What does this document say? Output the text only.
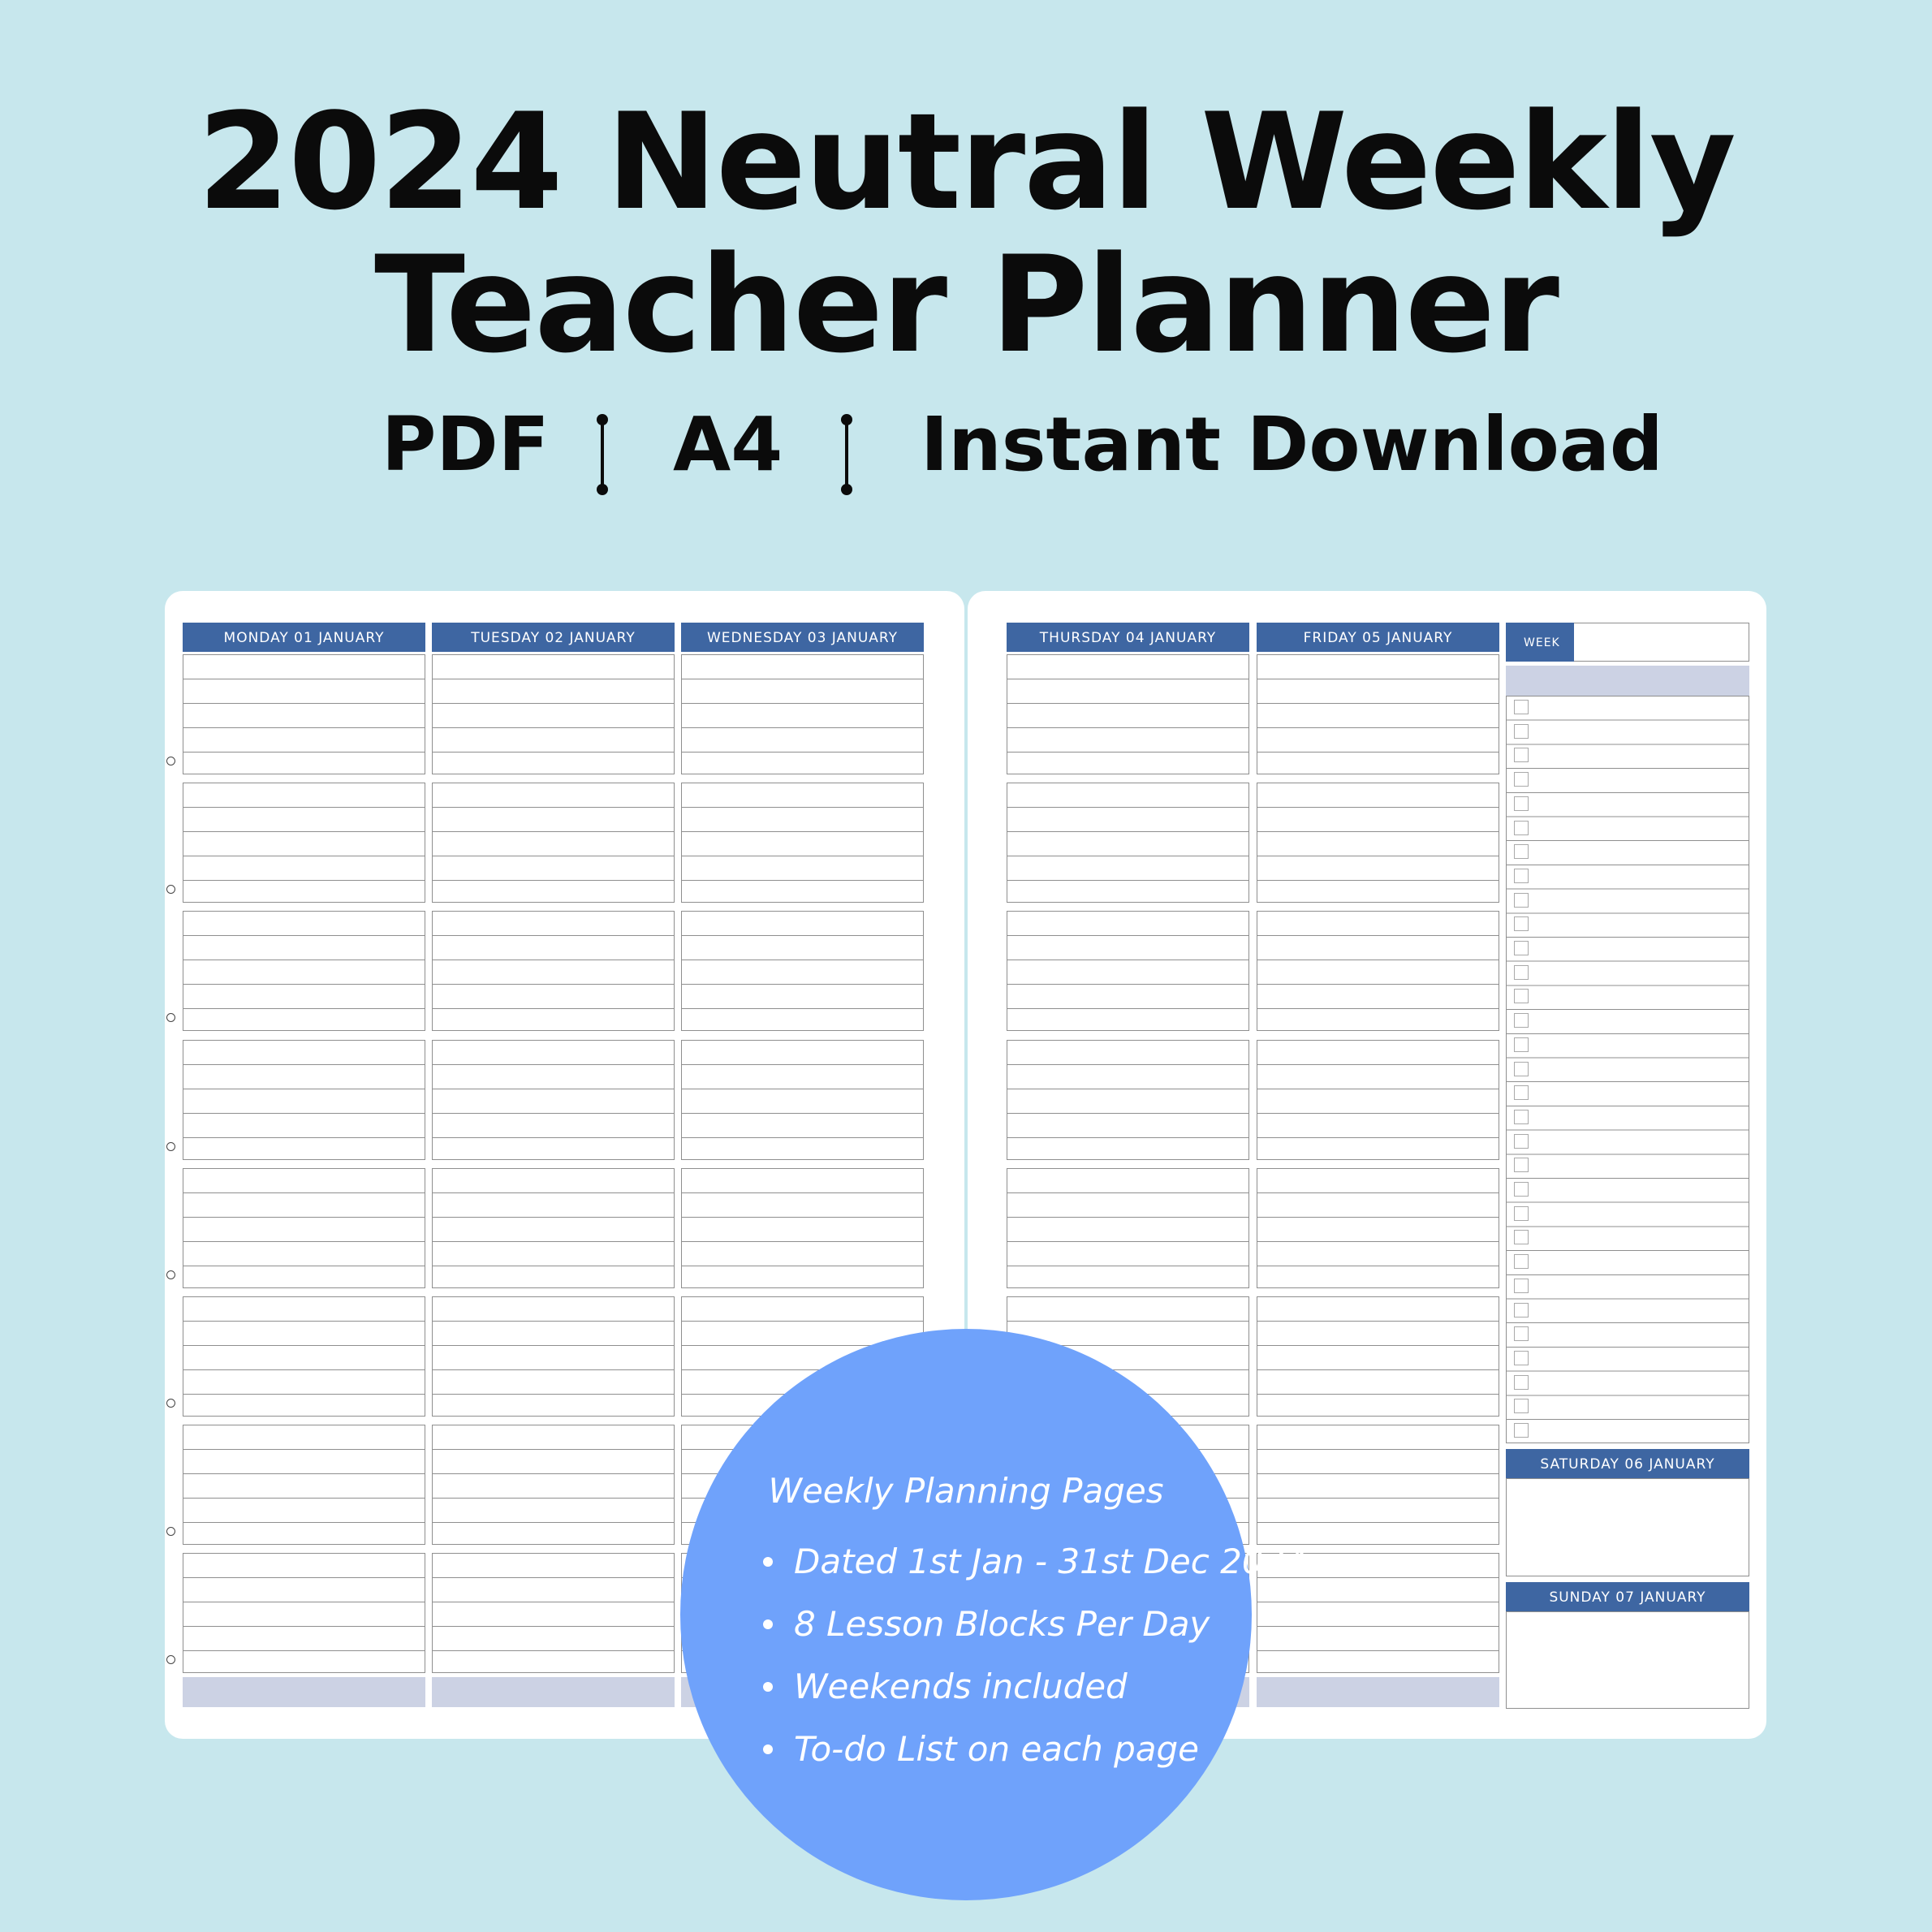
2024 Neutral Weekly
Teacher Planner
PDF A4 Instant Download
MONDAY 01 JANUARY	TUESDAY 02 JANUARY	WEDNESDAY 03 JANUARY	THURSDAY 04 JANUARY	FRIDAY 05 JANUARY	WEEK
SATURDAY 06 JANUARY
SUNDAY 07 JANUARY
Weekly Planning Pages
Dated 1st Jan - 31st Dec 2024
8 Lesson Blocks Per Day
Weekends included
To-do List on each page
